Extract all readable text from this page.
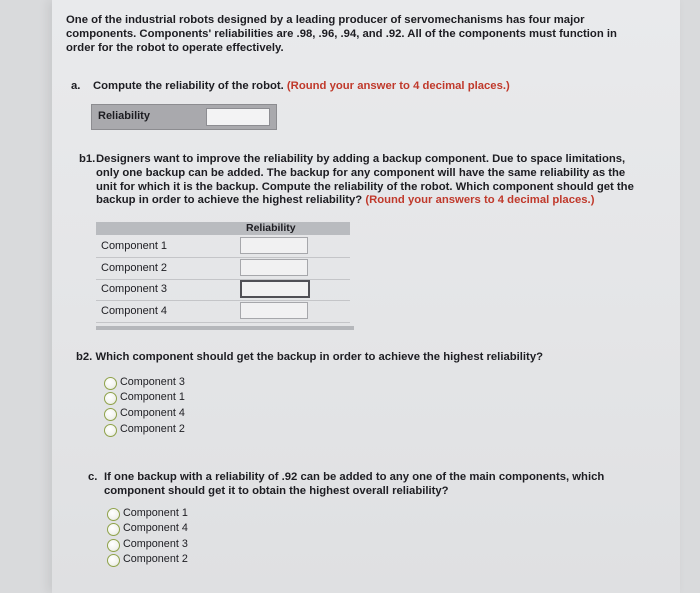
One of the industrial robots designed by a leading producer of servomechanisms has four major components. Components' reliabilities are .98, .96, .94, and .92. All of the components must function in order for the robot to operate effectively.
a. Compute the reliability of the robot. (Round your answer to 4 decimal places.)
Reliability
b1. Designers want to improve the reliability by adding a backup component. Due to space limitations, only one backup can be added. The backup for any component will have the same reliability as the unit for which it is the backup. Compute the reliability of the robot. Which component should get the backup in order to achieve the highest reliability? (Round your answers to 4 decimal places.)
Reliability
Component 1
Component 2
Component 3
Component 4
b2. Which component should get the backup in order to achieve the highest reliability?
Component 3
Component 1
Component 4
Component 2
c. If one backup with a reliability of .92 can be added to any one of the main components, which component should get it to obtain the highest overall reliability?
Component 1
Component 4
Component 3
Component 2
